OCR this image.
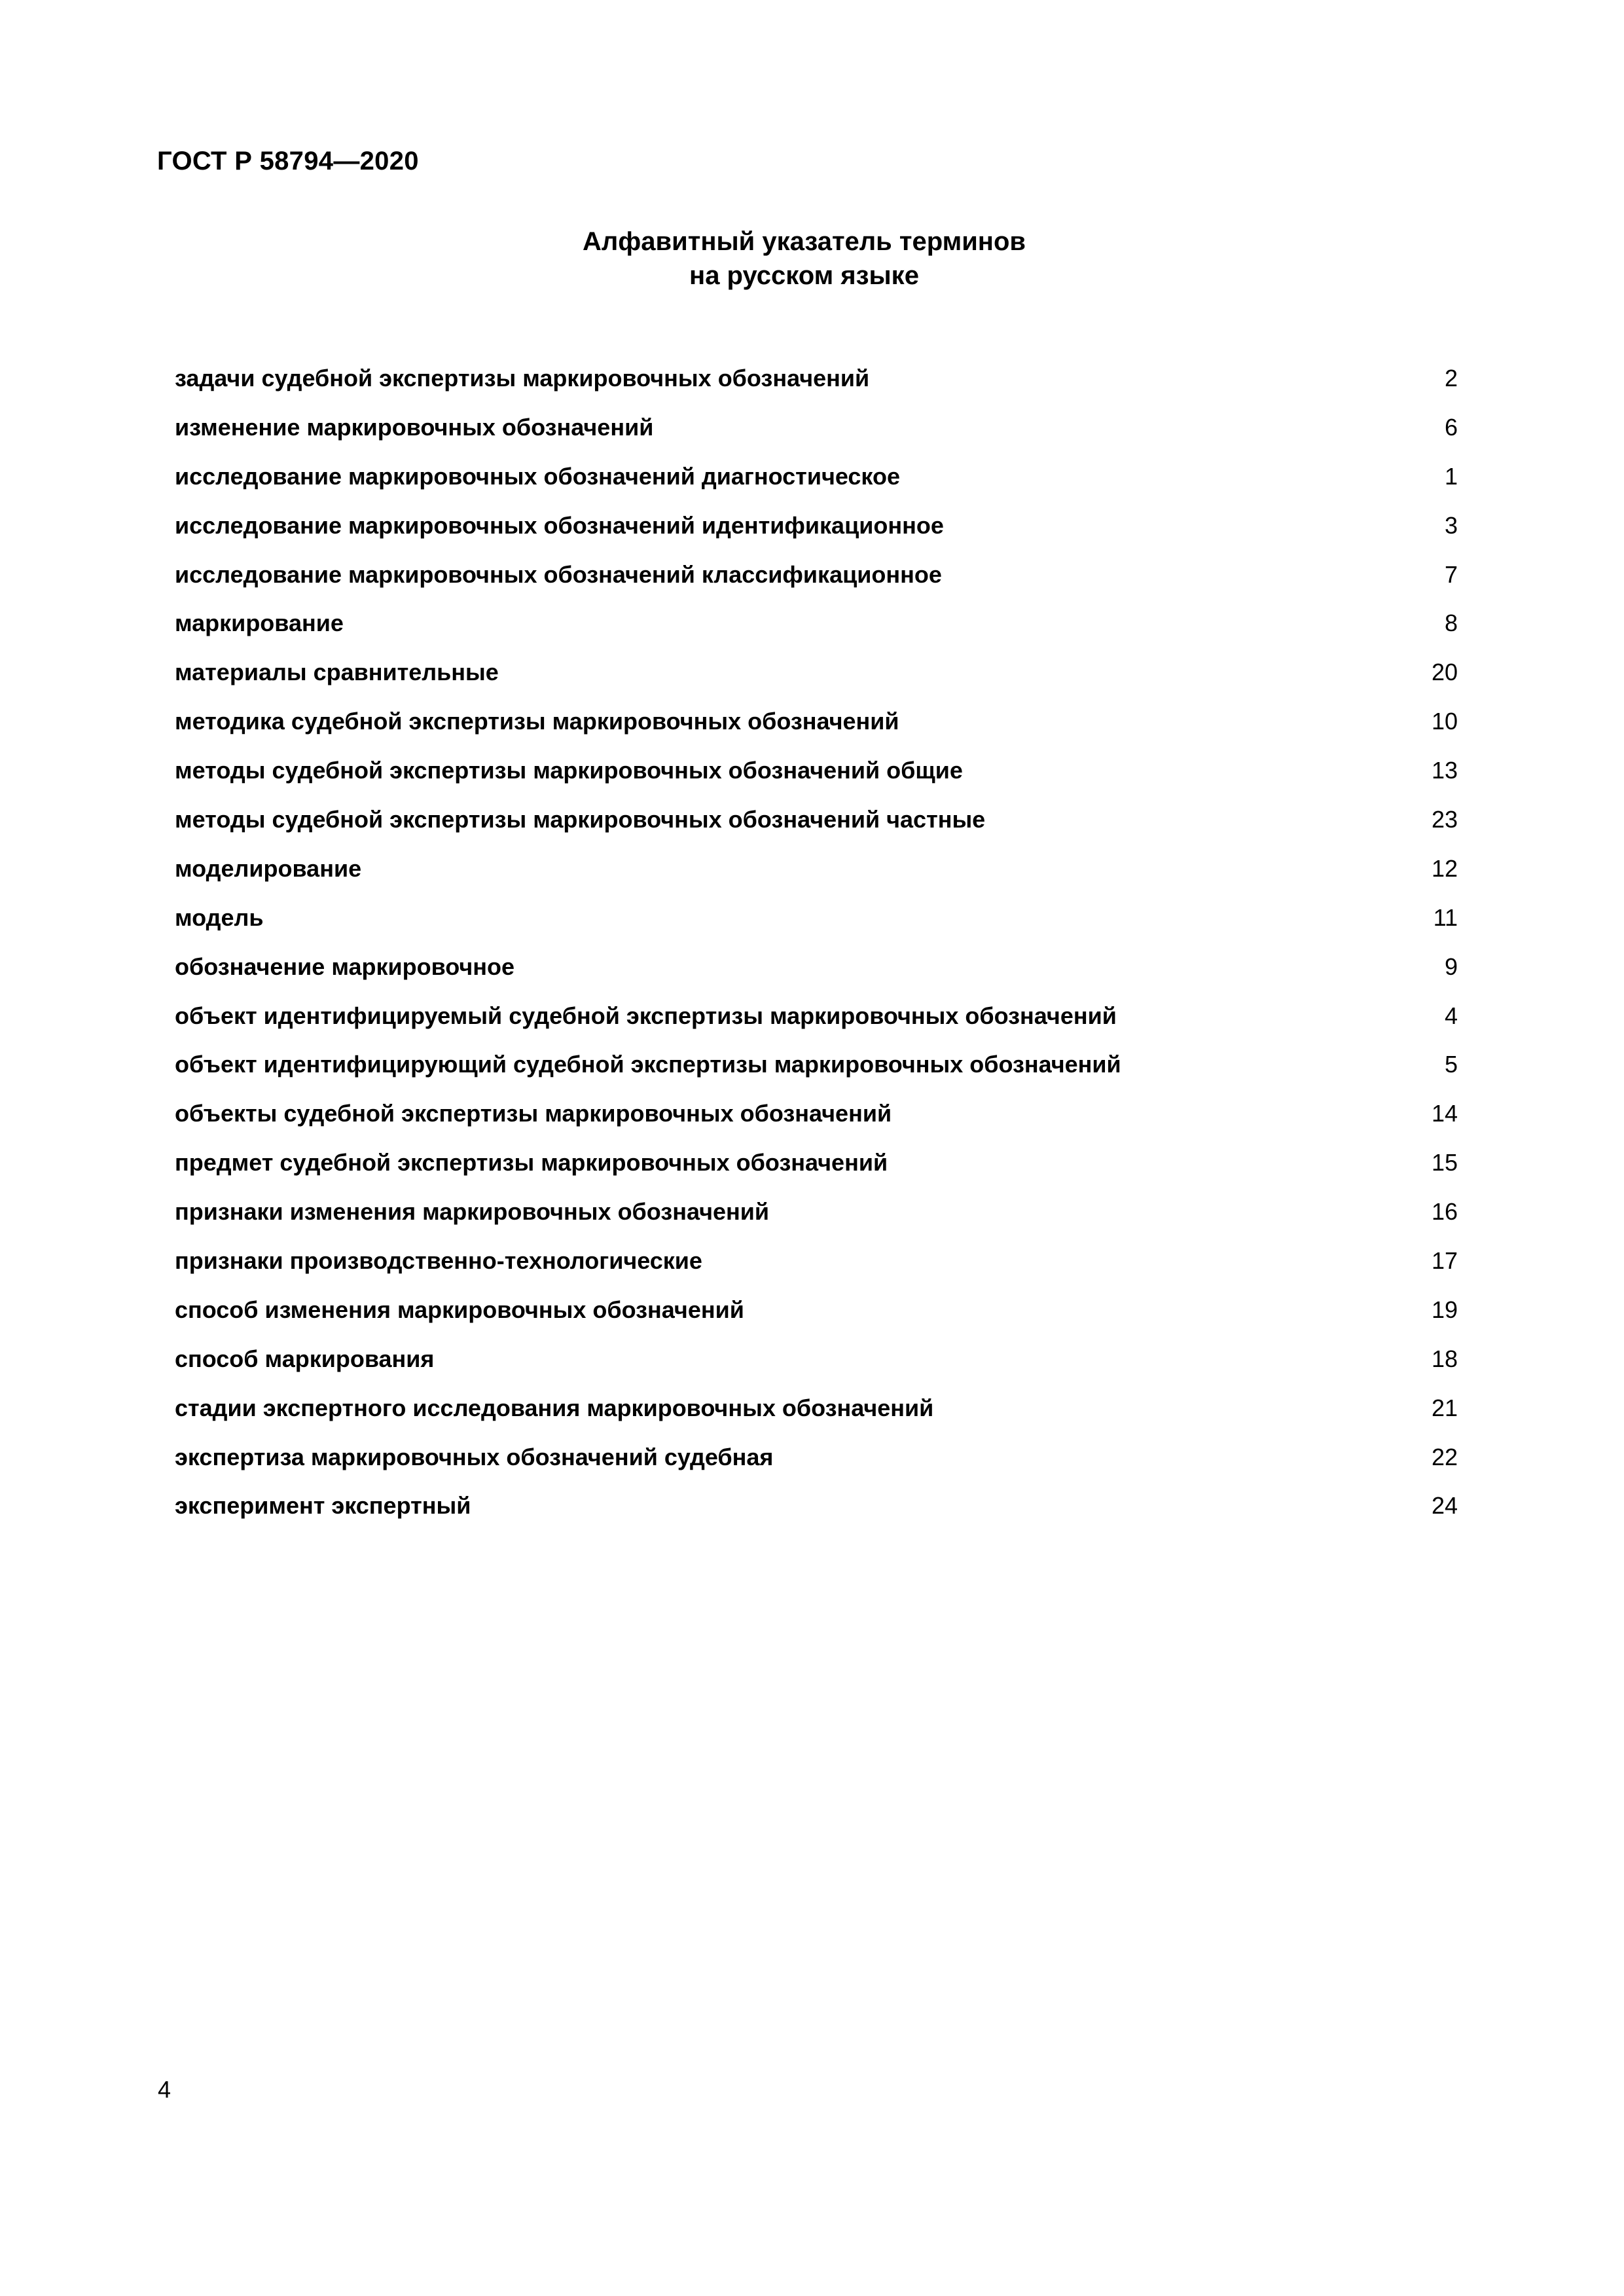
ГОСТ Р 58794—2020
Алфавитный указатель терминов
на русском языке
задачи судебной экспертизы маркировочных обозначений	2
изменение маркировочных обозначений	6
исследование маркировочных обозначений диагностическое	1
исследование маркировочных обозначений идентификационное	3
исследование маркировочных обозначений классификационное	7
маркирование	8
материалы сравнительные	20
методика судебной экспертизы маркировочных обозначений	10
методы судебной экспертизы маркировочных обозначений общие	13
методы судебной экспертизы маркировочных обозначений частные	23
моделирование	12
модель	11
обозначение маркировочное	9
объект идентифицируемый судебной экспертизы маркировочных обозначений	4
объект идентифицирующий судебной экспертизы маркировочных обозначений	5
объекты судебной экспертизы маркировочных обозначений	14
предмет судебной экспертизы маркировочных обозначений	15
признаки изменения маркировочных обозначений	16
признаки производственно-технологические	17
способ изменения маркировочных обозначений	19
способ маркирования	18
стадии экспертного исследования маркировочных обозначений	21
экспертиза маркировочных обозначений судебная	22
эксперимент экспертный	24
4
